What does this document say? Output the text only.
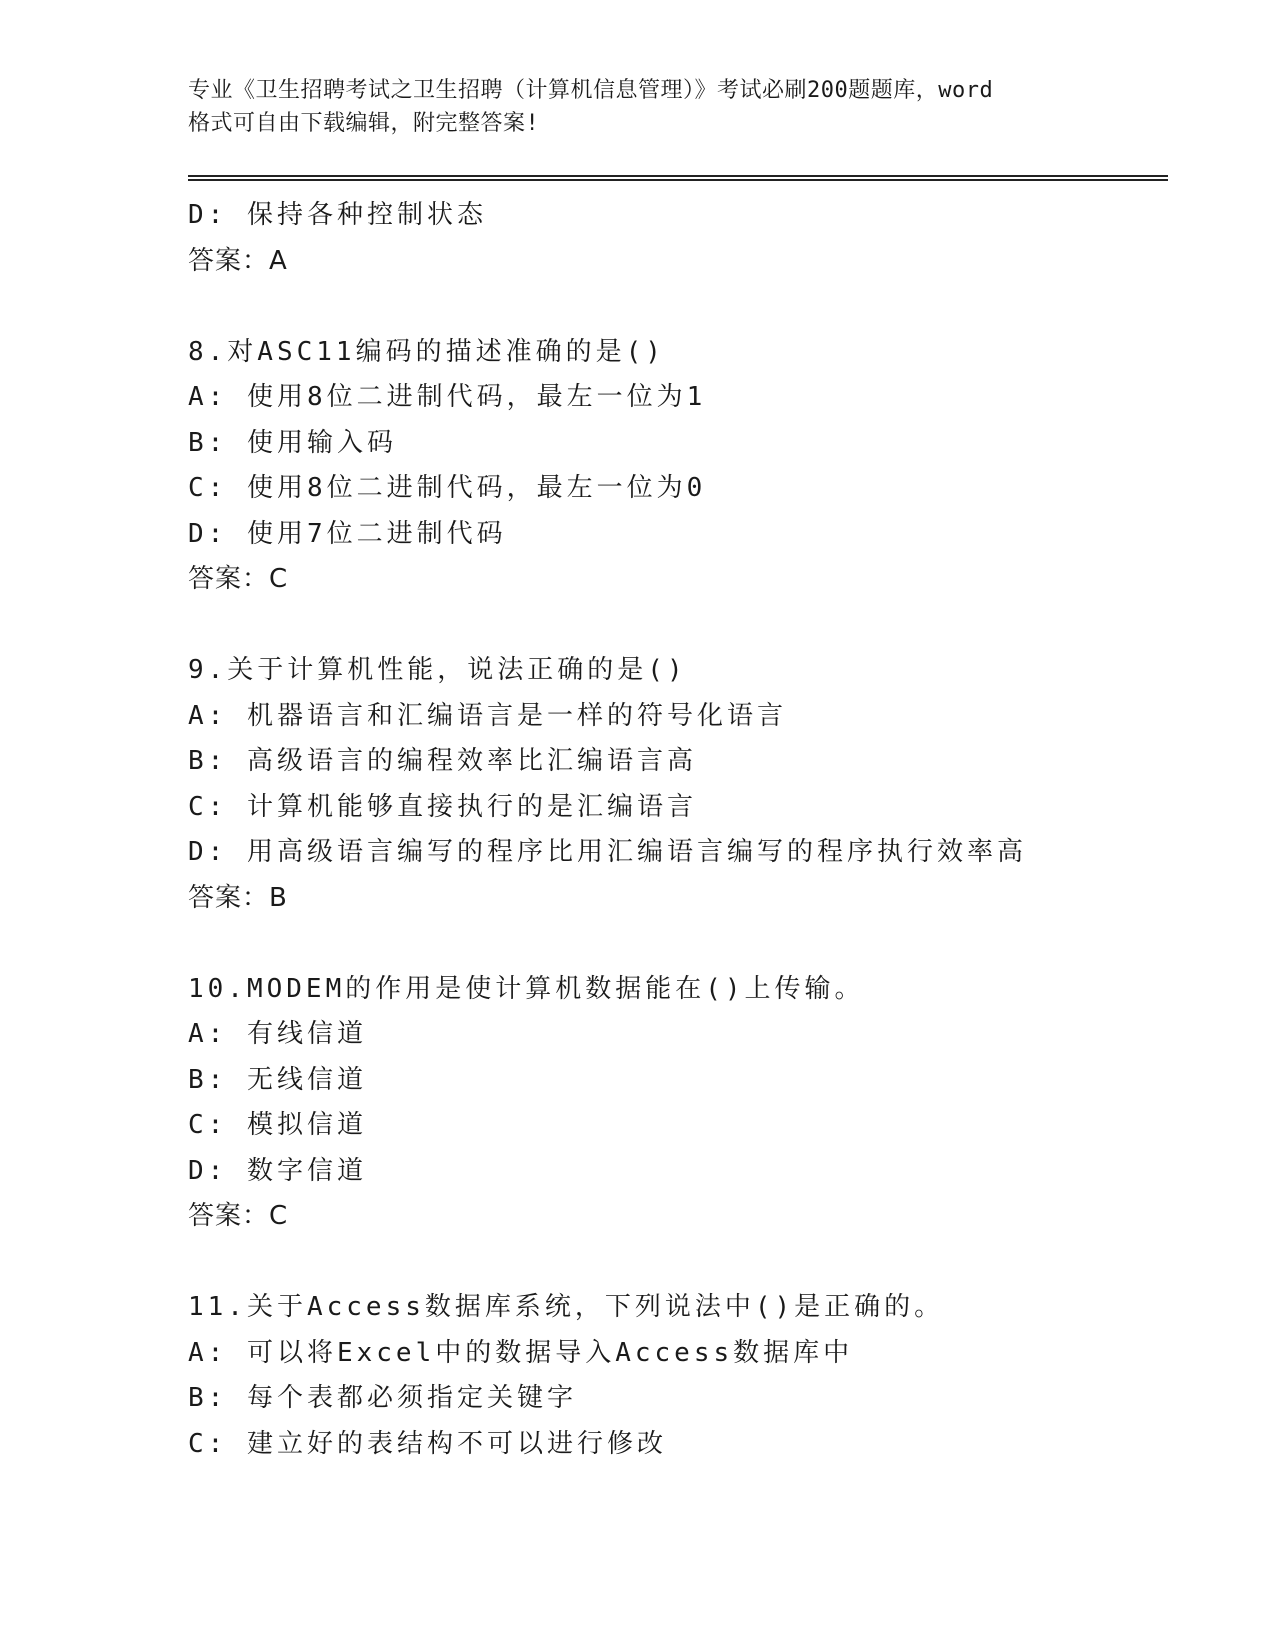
专业《卫生招聘考试之卫生招聘（计算机信息管理）》考试必刷200题题库，word
格式可自由下载编辑，附完整答案!
D: 保持各种控制状态
答案：A
8.对ASC11编码的描述准确的是()
A: 使用8位二进制代码，最左一位为1
B: 使用输入码
C: 使用8位二进制代码，最左一位为0
D: 使用7位二进制代码
答案：C
9.关于计算机性能，说法正确的是()
A: 机器语言和汇编语言是一样的符号化语言
B: 高级语言的编程效率比汇编语言高
C: 计算机能够直接执行的是汇编语言
D: 用高级语言编写的程序比用汇编语言编写的程序执行效率高
答案：B
10.MODEM的作用是使计算机数据能在()上传输。
A: 有线信道
B: 无线信道
C: 模拟信道
D: 数字信道
答案：C
11.关于Access数据库系统，下列说法中()是正确的。
A: 可以将Excel中的数据导入Access数据库中
B: 每个表都必须指定关键字
C: 建立好的表结构不可以进行修改
